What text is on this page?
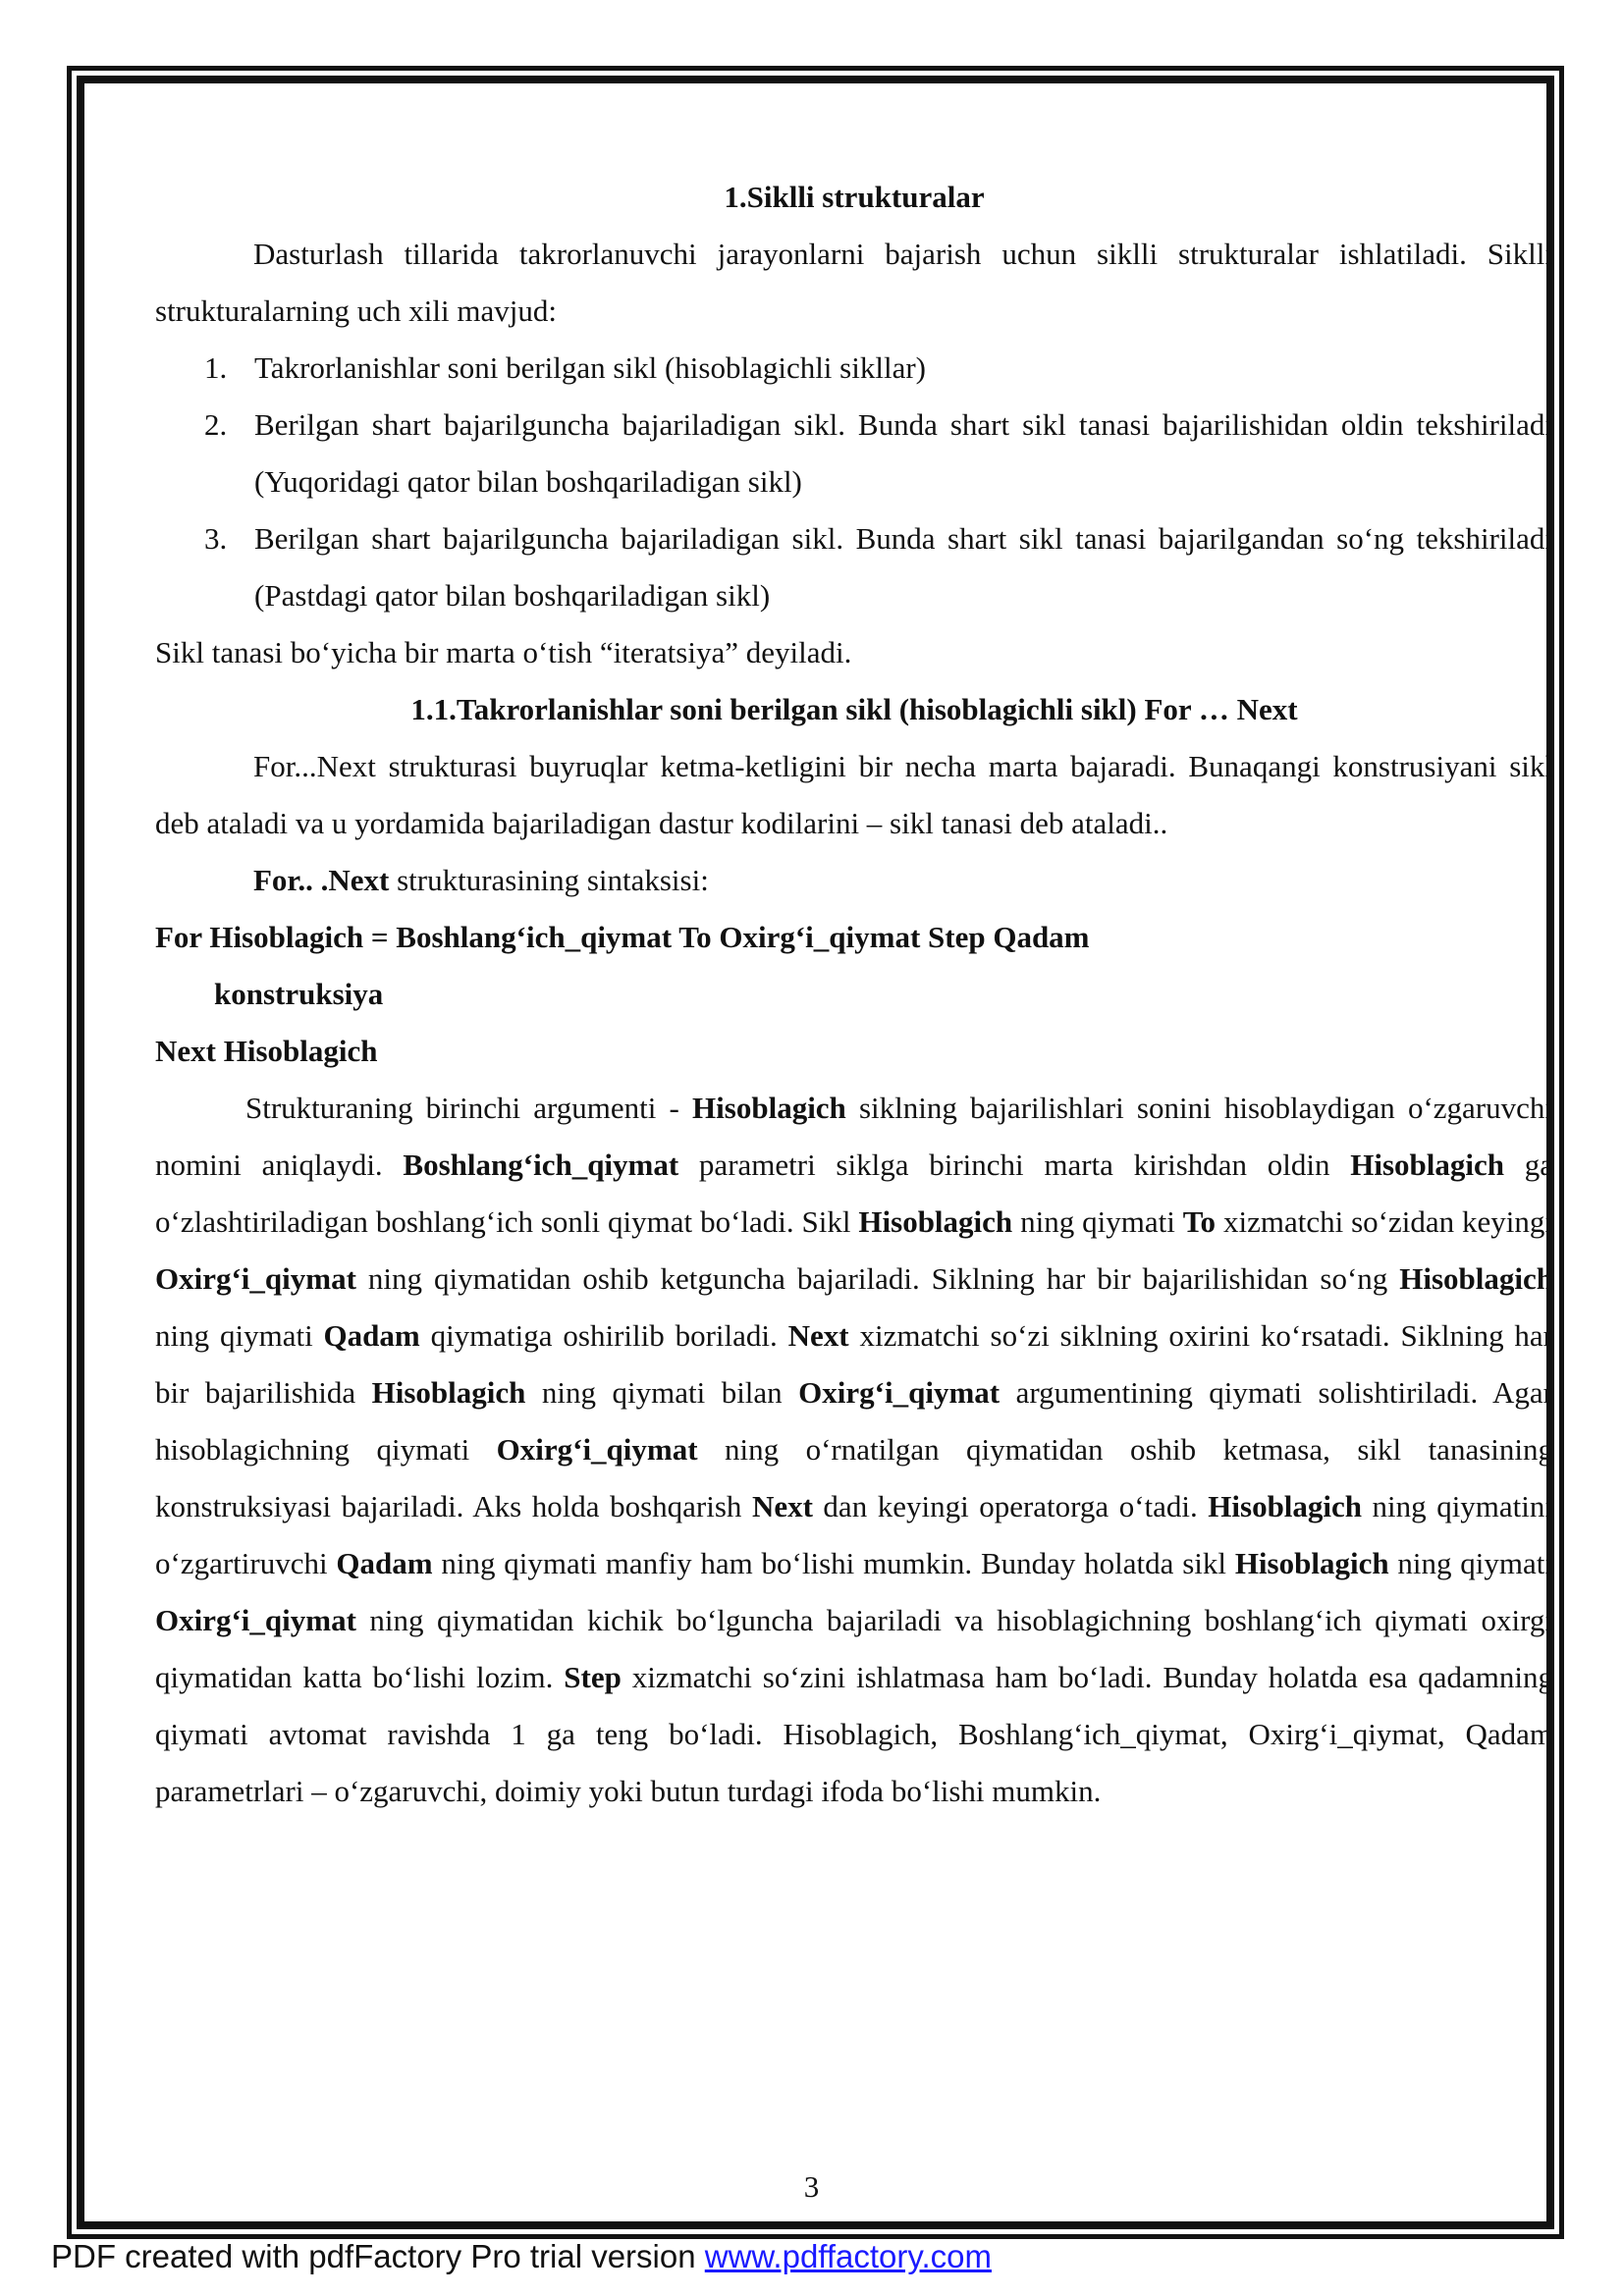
1.Siklli strukturalar

Dasturlash tillarida takrorlanuvchi jarayonlarni bajarish uchun siklli strukturalar ishlatiladi. Siklli strukturalarning uch xili mavjud:

1. Takrorlanishlar soni berilgan sikl (hisoblagichli sikllar)
2. Berilgan shart bajarilguncha bajariladigan sikl. Bunda shart sikl tanasi bajarilishidan oldin tekshiriladi (Yuqoridagi qator bilan boshqariladigan sikl)
3. Berilgan shart bajarilguncha bajariladigan sikl. Bunda shart sikl tanasi bajarilgandan so‘ng tekshiriladi (Pastdagi qator bilan boshqariladigan sikl)

Sikl tanasi bo‘yicha bir marta o‘tish “iteratsiya” deyiladi.

1.1.Takrorlanishlar soni berilgan sikl (hisoblagichli sikl) For … Next

For...Next strukturasi buyruqlar ketma-ketligini bir necha marta bajaradi. Bunaqangi konstrusiyani sikl deb ataladi va u yordamida bajariladigan dastur kodilarini – sikl tanasi deb ataladi..

For.. .Next strukturasining sintaksisi:

For Hisoblagich = Boshlang‘ich_qiymat To Oxirg‘i_qiymat Step Qadam

konstruksiya

Next Hisoblagich

Strukturaning birinchi argumenti - Hisoblagich siklning bajarilishlari sonini hisoblaydigan o‘zgaruvchi nomini aniqlaydi. Boshlang‘ich_qiymat parametri siklga birinchi marta kirishdan oldin Hisoblagich ga o‘zlashtiriladigan boshlang‘ich sonli qiymat bo‘ladi. Sikl Hisoblagich ning qiymati To xizmatchi so‘zidan keyingi Oxirg‘i_qiymat ning qiymatidan oshib ketguncha bajariladi. Siklning har bir bajarilishidan so‘ng Hisoblagich ning qiymati Qadam qiymatiga oshirilib boriladi. Next xizmatchi so‘zi siklning oxirini ko‘rsatadi. Siklning har bir bajarilishida Hisoblagich ning qiymati bilan Oxirg‘i_qiymat argumentining qiymati solishtiriladi. Agar hisoblagichning qiymati Oxirg‘i_qiymat ning o‘rnatilgan qiymatidan oshib ketmasa, sikl tanasining konstruksiyasi bajariladi. Aks holda boshqarish Next dan keyingi operatorga o‘tadi. Hisoblagich ning qiymatini o‘zgartiruvchi Qadam ning qiymati manfiy ham bo‘lishi mumkin. Bunday holatda sikl Hisoblagich ning qiymati Oxirg‘i_qiymat ning qiymatidan kichik bo‘lguncha bajariladi va hisoblagichning boshlang‘ich qiymati oxirgi qiymatidan katta bo‘lishi lozim. Step xizmatchi so‘zini ishlatmasa ham bo‘ladi. Bunday holatda esa qadamning qiymati avtomat ravishda 1 ga teng bo‘ladi. Hisoblagich, Boshlang‘ich_qiymat, Oxirg‘i_qiymat, Qadam parametrlari – o‘zgaruvchi, doimiy yoki butun turdagi ifoda bo‘lishi mumkin.

3
PDF created with pdfFactory Pro trial version www.pdffactory.com
